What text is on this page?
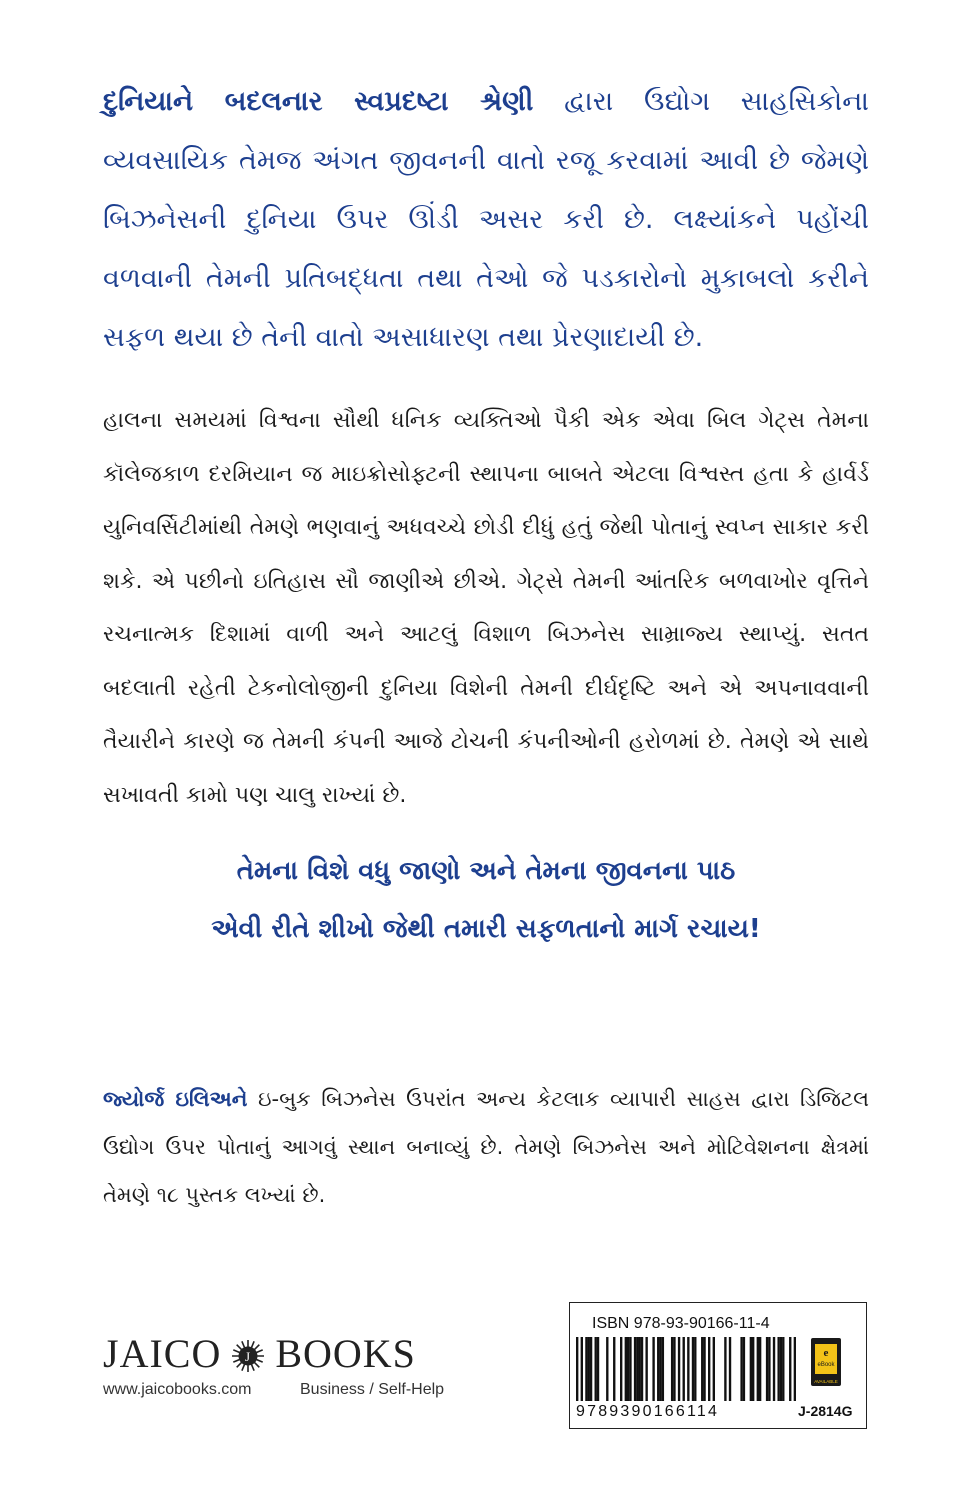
દુનિયાને બદલનાર સ્વપ્રદષ્ટા શ્રેણી દ્વારા ઉદ્યોગ સાહસિકોના વ્યવસાયિક તેમજ અંગત જીવનની વાતો રજૂ કરવામાં આવી છે જેમણે બિઝનેસની દુનિયા ઉપર ઊંડી અસર કરી છે. લક્ષ્યાંકને પહોંચી વળવાની તેમની પ્રતિબદ્ધતા તથા તેઓ જે પડકારોનો મુકાબલો કરીને સફળ થયા છે તેની વાતો અસાધારણ તથા પ્રેરણાદાયી છે.
હાલના સમયમાં વિશ્વના સૌથી ધનિક વ્યક્તિઓ પૈકી એક એવા બિલ ગેટ્સ તેમના કૉલેજકાળ દરમિયાન જ માઇક્રોસોફ્ટની સ્થાપના બાબતે એટલા વિશ્વસ્ત હતા કે હાર્વર્ડ યુનિવર્સિટીમાંથી તેમણે ભણવાનું અધવચ્ચે છોડી દીધું હતું જેથી પોતાનું સ્વપ્ન સાકાર કરી શકે. એ પછીનો ઇતિહાસ સૌ જાણીએ છીએ. ગેટ્સે તેમની આંતરિક બળવાખોર વૃત્તિને રચનાત્મક દિશામાં વાળી અને આટલું વિશાળ બિઝનેસ સામ્રાજ્ય સ્થાપ્યું. સતત બદલાતી રહેતી ટેકનોલોજીની દુનિયા વિશેની તેમની દીર્ઘદૃષ્ટિ અને એ અપનાવવાની તૈયારીને કારણે જ તેમની કંપની આજે ટોચની કંપનીઓની હરોળમાં છે. તેમણે એ સાથે સખાવતી કામો પણ ચાલુ રાખ્યાં છે.
તેમના વિશે વધુ જાણો અને તેમના જીવનના પાઠ
એવી રીતે શીખો જેથી તમારી સફળતાનો માર્ગ રચાય!
જ્યોર્જ ઇલિઅને ઇ-બુક બિઝનેસ ઉપરાંત અન્ય કેટલાક વ્યાપારી સાહસ દ્વારા ડિજિટલ ઉદ્યોગ ઉપર પોતાનું આગવું સ્થાન બનાવ્યું છે. તેમણે બિઝનેસ અને મોટિવેશનના ક્ષેત્રમાં તેમણે ૧૮ પુસ્તક લખ્યાં છે.
JAICO J BOOKS
www.jaicobooks.com	Business / Self-Help
ISBN 978-93-90166-11-4
9789390166114
e
eBook
AVAILABLE
J-2814G
